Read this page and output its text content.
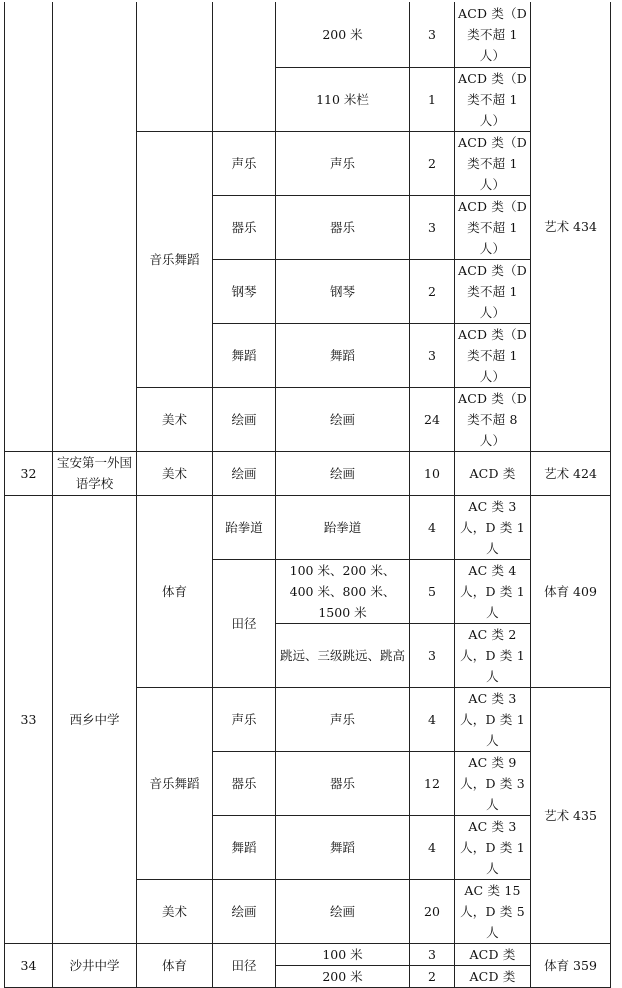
				200 米	3	ACD 类（D 类不超 1 人）	艺术 434
				110 米栏	1	ACD 类（D 类不超 1 人）	
		音乐舞蹈	声乐	声乐	2	ACD 类（D 类不超 1 人）	
			器乐	器乐	3	ACD 类（D 类不超 1 人）	
			钢琴	钢琴	2	ACD 类（D 类不超 1 人）	
			舞蹈	舞蹈	3	ACD 类（D 类不超 1 人）	
		美术	绘画	绘画	24	ACD 类（D 类不超 8 人）	
32	宝安第一外国语学校	美术	绘画	绘画	10	ACD 类	艺术 424
33	西乡中学	体育	跆拳道	跆拳道	4	AC 类 3 人，D 类 1 人	体育 409
			田径	100 米、200 米、400 米、800 米、1500 米	5	AC 类 4 人，D 类 1 人	
				跳远、三级跳远、跳高	3	AC 类 2 人，D 类 1 人	
		音乐舞蹈	声乐	声乐	4	AC 类 3 人，D 类 1 人	艺术 435
			器乐	器乐	12	AC 类 9 人，D 类 3 人	
			舞蹈	舞蹈	4	AC 类 3 人，D 类 1 人	
		美术	绘画	绘画	20	AC 类 15 人，D 类 5 人	
34	沙井中学	体育	田径	100 米	3	ACD 类	体育 359
				200 米	2	ACD 类	
